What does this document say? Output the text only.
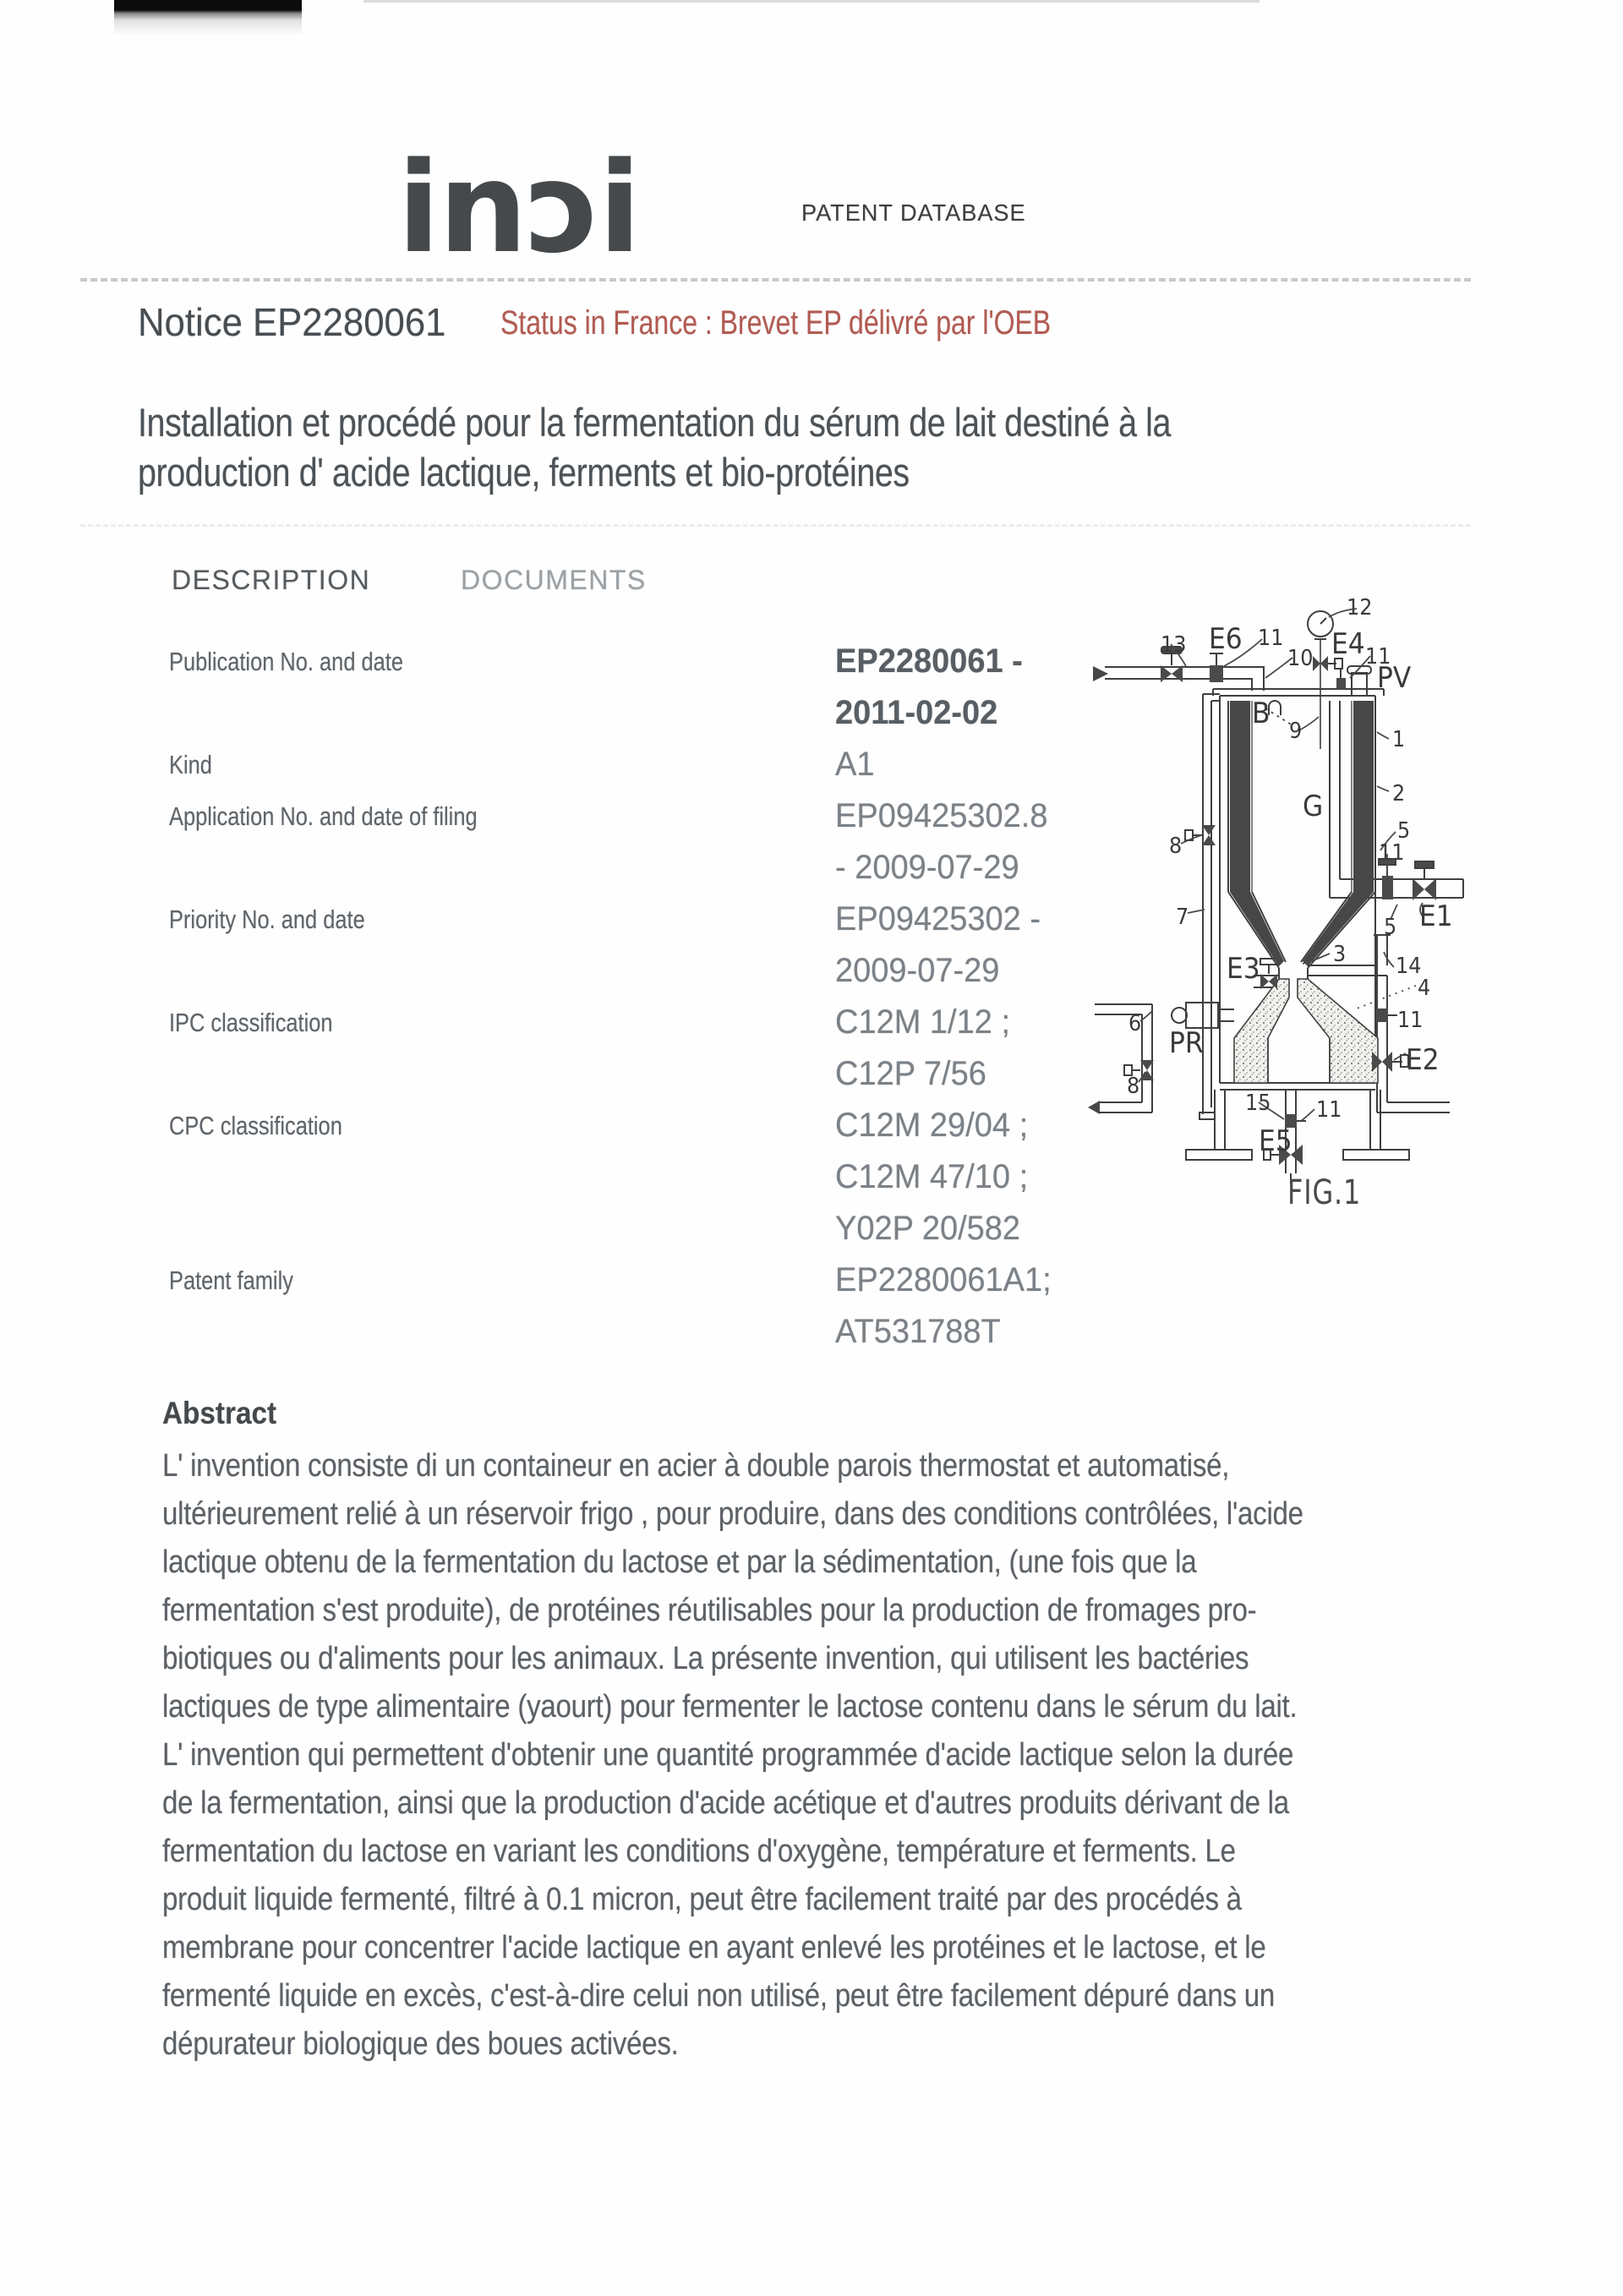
inɔi	PATENT DATABASE
Notice EP2280061 Status in France : Brevet EP délivré par l'OEB
Installation et procédé pour la fermentation du sérum de lait destiné à la
production d' acide lactique, ferments et bio-protéines
DESCRIPTION	DOCUMENTS
Publication No. and date	EP2280061 -
2011-02-02
Kind	A1
Application No. and date of filing	EP09425302.8
- 2009-07-29
Priority No. and date	EP09425302 -
2009-07-29
IPC classification	C12M 1/12 ;
C12P 7/56
CPC classification	C12M 29/04 ;
C12M 47/10 ;
Y02P 20/582
Patent family	EP2280061A1;
AT531788T
FIG.1
12
13 E6 11
10 E4 11
PV
B
9	1
2
G
5
8	11
E1
5
7
3
E3	14
4
6
PR
11
E2
8
15 11
E5
Abstract
L' invention consiste di un containeur en acier à double parois thermostat et automatisé,
ultérieurement relié à un réservoir frigo , pour produire, dans des conditions contrôlées, l'acide
lactique obtenu de la fermentation du lactose et par la sédimentation, (une fois que la
fermentation s'est produite), de protéines réutilisables pour la production de fromages pro-
biotiques ou d'aliments pour les animaux. La présente invention, qui utilisent les bactéries
lactiques de type alimentaire (yaourt) pour fermenter le lactose contenu dans le sérum du lait.
L' invention qui permettent d'obtenir une quantité programmée d'acide lactique selon la durée
de la fermentation, ainsi que la production d'acide acétique et d'autres produits dérivant de la
fermentation du lactose en variant les conditions d'oxygène, température et ferments. Le
produit liquide fermenté, filtré à 0.1 micron, peut être facilement traité par des procédés à
membrane pour concentrer l'acide lactique en ayant enlevé les protéines et le lactose, et le
fermenté liquide en excès, c'est-à-dire celui non utilisé, peut être facilement dépuré dans un
dépurateur biologique des boues activées.
